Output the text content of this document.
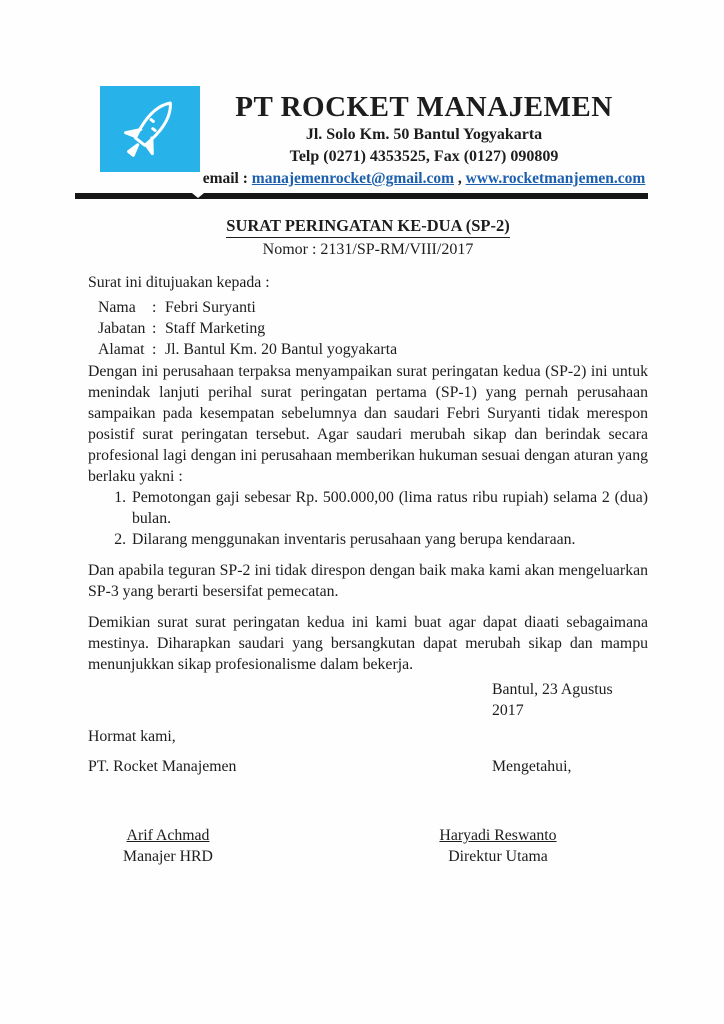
PT ROCKET MANAJEMEN
Jl. Solo Km. 50 Bantul Yogyakarta
Telp (0271) 4353525, Fax (0127) 090809
email : manajemenrocket@gmail.com , www.rocketmanjemen.com
SURAT PERINGATAN KE-DUA (SP-2)
Nomor : 2131/SP-RM/VIII/2017
Surat ini ditujuakan kepada :
Nama : Febri Suryanti
Jabatan : Staff Marketing
Alamat : Jl. Bantul Km. 20 Bantul yogyakarta

Dengan ini perusahaan terpaksa menyampaikan surat peringatan kedua (SP-2) ini untuk menindak lanjuti perihal surat peringatan pertama (SP-1) yang pernah perusahaan sampaikan pada kesempatan sebelumnya dan saudari Febri Suryanti tidak merespon posistif surat peringatan tersebut. Agar saudari merubah sikap dan berindak secara profesional lagi dengan ini perusahaan memberikan hukuman sesuai dengan aturan yang berlaku yakni :

1. Pemotongan gaji sebesar Rp. 500.000,00 (lima ratus ribu rupiah) selama 2 (dua) bulan.
2. Dilarang menggunakan inventaris perusahaan yang berupa kendaraan.

Dan apabila teguran SP-2 ini tidak direspon dengan baik maka kami akan mengeluarkan SP-3 yang berarti besersifat pemecatan.

Demikian surat surat peringatan kedua ini kami buat agar dapat diaati sebagaimana mestinya. Diharapkan saudari yang bersangkutan dapat merubah sikap dan mampu menunjukkan sikap profesionalisme dalam bekerja.

Bantul, 23 Agustus 2017
Hormat kami,
PT. Rocket Manajemen	Mengetahui,
Arif Achmad
Manajer HRD
Haryadi Reswanto
Direktur Utama
